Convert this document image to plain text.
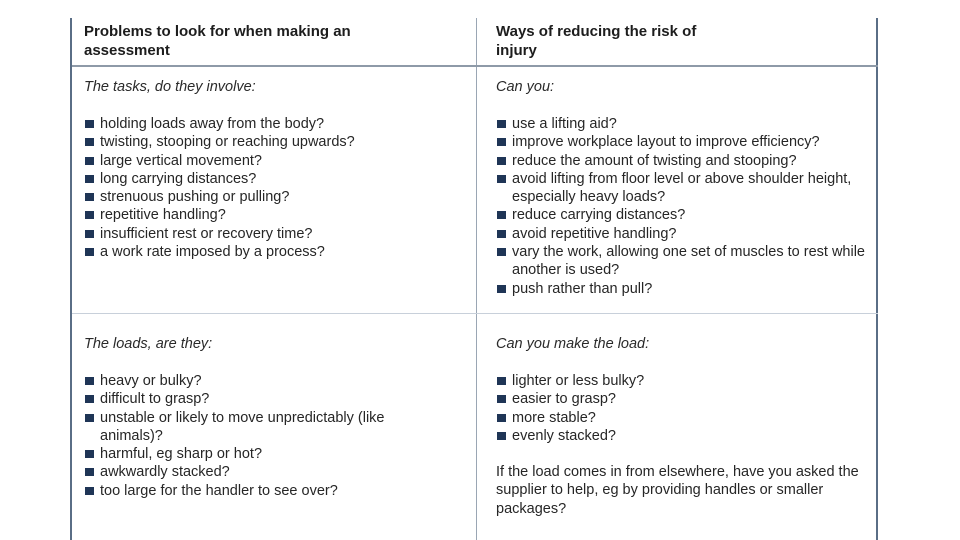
Problems to look for when making an assessment
Ways of reducing the risk of injury
The tasks, do they involve:
holding loads away from the body?
twisting, stooping or reaching upwards?
large vertical movement?
long carrying distances?
strenuous pushing or pulling?
repetitive handling?
insufficient rest or recovery time?
a work rate imposed by a process?
Can you:
use a lifting aid?
improve workplace layout to improve efficiency?
reduce the amount of twisting and stooping?
avoid lifting from floor level or above shoulder height, especially heavy loads?
reduce carrying distances?
avoid repetitive handling?
vary the work, allowing one set of muscles to rest while another is used?
push rather than pull?
The loads, are they:
heavy or bulky?
difficult to grasp?
unstable or likely to move unpredictably (like animals)?
harmful, eg sharp or hot?
awkwardly stacked?
too large for the handler to see over?
Can you make the load:
lighter or less bulky?
easier to grasp?
more stable?
evenly stacked?
If the load comes in from elsewhere, have you asked the supplier to help, eg by providing handles or smaller packages?
